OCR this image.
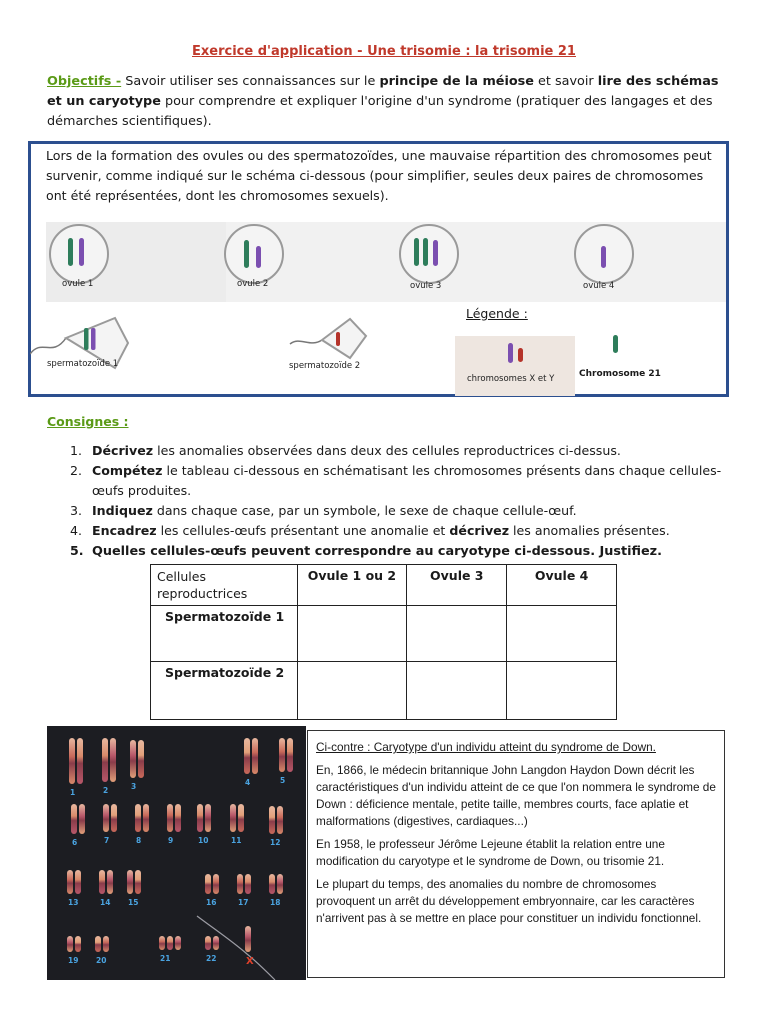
Exercice d'application - Une trisomie : la trisomie 21
Objectifs - Savoir utiliser ses connaissances sur le principe de la méiose et savoir lire des schémas et un caryotype pour comprendre et expliquer l'origine d'un syndrome (pratiquer des langages et des démarches scientifiques).
Lors de la formation des ovules ou des spermatozoïdes, une mauvaise répartition des chromosomes peut survenir, comme indiqué sur le schéma ci-dessous (pour simplifier, seules deux paires de chromosomes ont été représentées, dont les chromosomes sexuels).
ovule 1	ovule 2	ovule 3	ovule 4
spermatozoïde 1	spermatozoïde 2
Légende :
chromosomes X et Y	Chromosome 21
Consignes :
1. Décrivez les anomalies observées dans deux des cellules reproductrices ci-dessus.
2. Compétez le tableau ci-dessous en schématisant les chromosomes présents dans chaque cellules-œufs produites.
3. Indiquez dans chaque case, par un symbole, le sexe de chaque cellule-œuf.
4. Encadrez les cellules-œufs présentant une anomalie et décrivez les anomalies présentes.
5. Quelles cellules-œufs peuvent correspondre au caryotype ci-dessous. Justifiez.
Cellules reproductrices	Ovule 1 ou 2	Ovule 3	Ovule 4
Spermatozoïde 1			
Spermatozoïde 2			
1	2	3	4	5
6	7	8	9	10	11	12
13	14 15	16	17	18
19 20	21	22	X

Ci-contre : Caryotype d'un individu atteint du syndrome de Down.

En, 1866, le médecin britannique John Langdon Haydon Down décrit les caractéristiques d'un individu atteint de ce que l'on nommera le syndrome de Down : déficience mentale, petite taille, membres courts, face aplatie et malformations (digestives, cardiaques...)

En 1958, le professeur Jérôme Lejeune établit la relation entre une modification du caryotype et le syndrome de Down, ou trisomie 21.

Le plupart du temps, des anomalies du nombre de chromosomes provoquent un arrêt du développement embryonnaire, car les caractères n'arrivent pas à se mettre en place pour constituer un individu fonctionnel.
